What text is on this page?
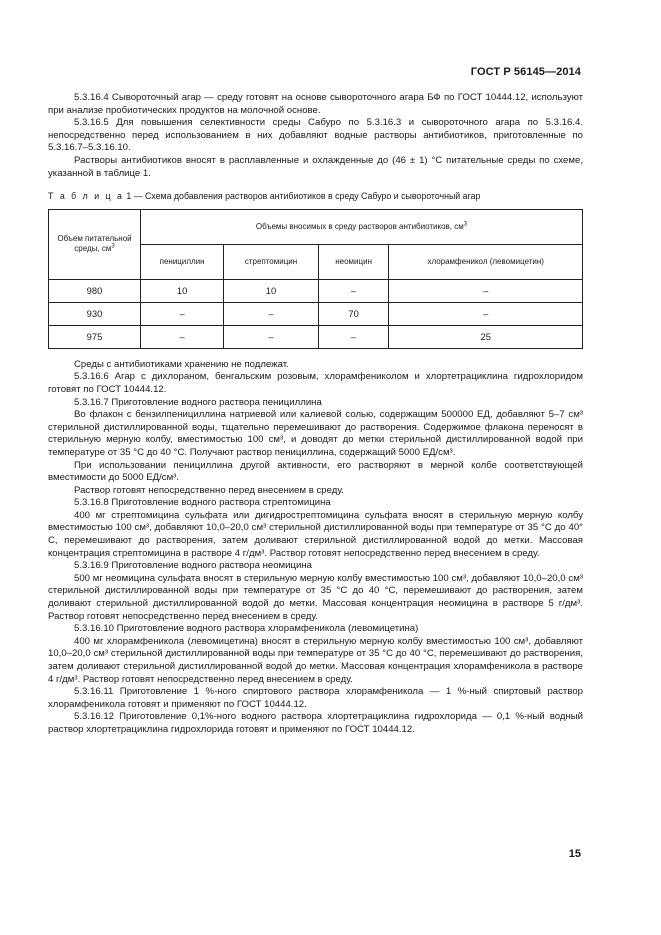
ГОСТ Р 56145—2014

5.3.16.4 Сывороточный агар — среду готовят на основе сывороточного агара БФ по ГОСТ 10444.12, используют при анализе пробиотических продуктов на молочной основе.

5.3.16.5 Для повышения селективности среды Сабуро по 5.3.16.3 и сывороточного агара по 5.3.16.4. непосредственно перед использованием в них добавляют водные растворы антибиотиков, приготовленные по 5.3.16.7–5.3.16.10.

Растворы антибиотиков вносят в расплавленные и охлажденные до (46 ± 1) °С питательные среды по схеме, указанной в таблице 1.

Т а б л и ц а 1 — Схема добавления растворов антибиотиков в среду Сабуро и сывороточный агар

Объем питательной среды, $см^3$	Объемы вносимых в среду растворов антибиотиков, $см^3$
	пенициллин	стрептомицин	неомицин	хлорамфеникол (левомицетин)
980	10	10	–	–
930	–	–	70	–
975	–	–	–	25

Среды с антибиотиками хранению не подлежат.

5.3.16.6 Агар с дихлораном, бенгальским розовым, хлорамфениколом и хлортетрациклина гидрохлоридом готовят по ГОСТ 10444.12.

5.3.16.7 Приготовление водного раствора пенициллина

Во флакон с бензилпенициллина натриевой или калиевой солью, содержащим 500000 ЕД, добавляют 5–7 см³ стерильной дистиллированной воды, тщательно перемешивают до растворения. Содержимое флакона переносят в стерильную мерную колбу, вместимостью 100 см³, и доводят до метки стерильной дистиллированной водой при температуре от 35 °С до 40 °С. Получают раствор пенициллина, содержащий 5000 ЕД/см³.

При использовании пенициллина другой активности, его растворяют в мерной колбе соответствующей вместимости до 5000 ЕД/см³.

Раствор готовят непосредственно перед внесением в среду.

5.3.16.8 Приготовление водного раствора стрептомицина

400 мг стрептомицина сульфата или дигидрострептомицина сульфата вносят в стерильную мерную колбу вместимостью 100 см³, добавляют 10,0–20,0 см³ стерильной дистиллированной воды при температуре от 35 °С до 40° С, перемешивают до растворения, затем доливают стерильной дистиллированной водой до метки. Массовая концентрация стрептомицина в растворе 4 г/дм³. Раствор готовят непосредственно перед внесением в среду.

5.3.16.9 Приготовление водного раствора неомицина

500 мг неомицина сульфата вносят в стерильную мерную колбу вместимостью 100 см³, добавляют 10,0–20,0 см³ стерильной дистиллированной воды при температуре от 35 °С до 40 °С, перемешивают до растворения, затем доливают стерильной дистиллированной водой до метки. Массовая концентрация неомицина в растворе 5 г/дм³. Раствор готовят непосредственно перед внесением в среду.

5.3.16.10 Приготовление водного раствора хлорамфеникола (левомицетина)

400 мг хлорамфеникола (левомицетина) вносят в стерильную мерную колбу вместимостью 100 см³, добавляют 10,0–20,0 см³ стерильной дистиллированной воды при температуре от 35 °С до 40 °С, перемешивают до растворения, затем доливают стерильной дистиллированной водой до метки. Массовая концентрация хлорамфеникола в растворе 4 г/дм³. Раствор готовят непосредственно перед внесением в среду.

5.3.16.11 Приготовление 1 %-ного спиртового раствора хлорамфеникола — 1 %-ный спиртовый раствор хлорамфеникола готовят и применяют по ГОСТ 10444.12.

5.3.16.12 Приготовление 0,1%-ного водного раствора хлортетрациклина гидрохлорида — 0,1 %-ный водный раствор хлортетрациклина гидрохлорида готовят и применяют по ГОСТ 10444.12.

15
